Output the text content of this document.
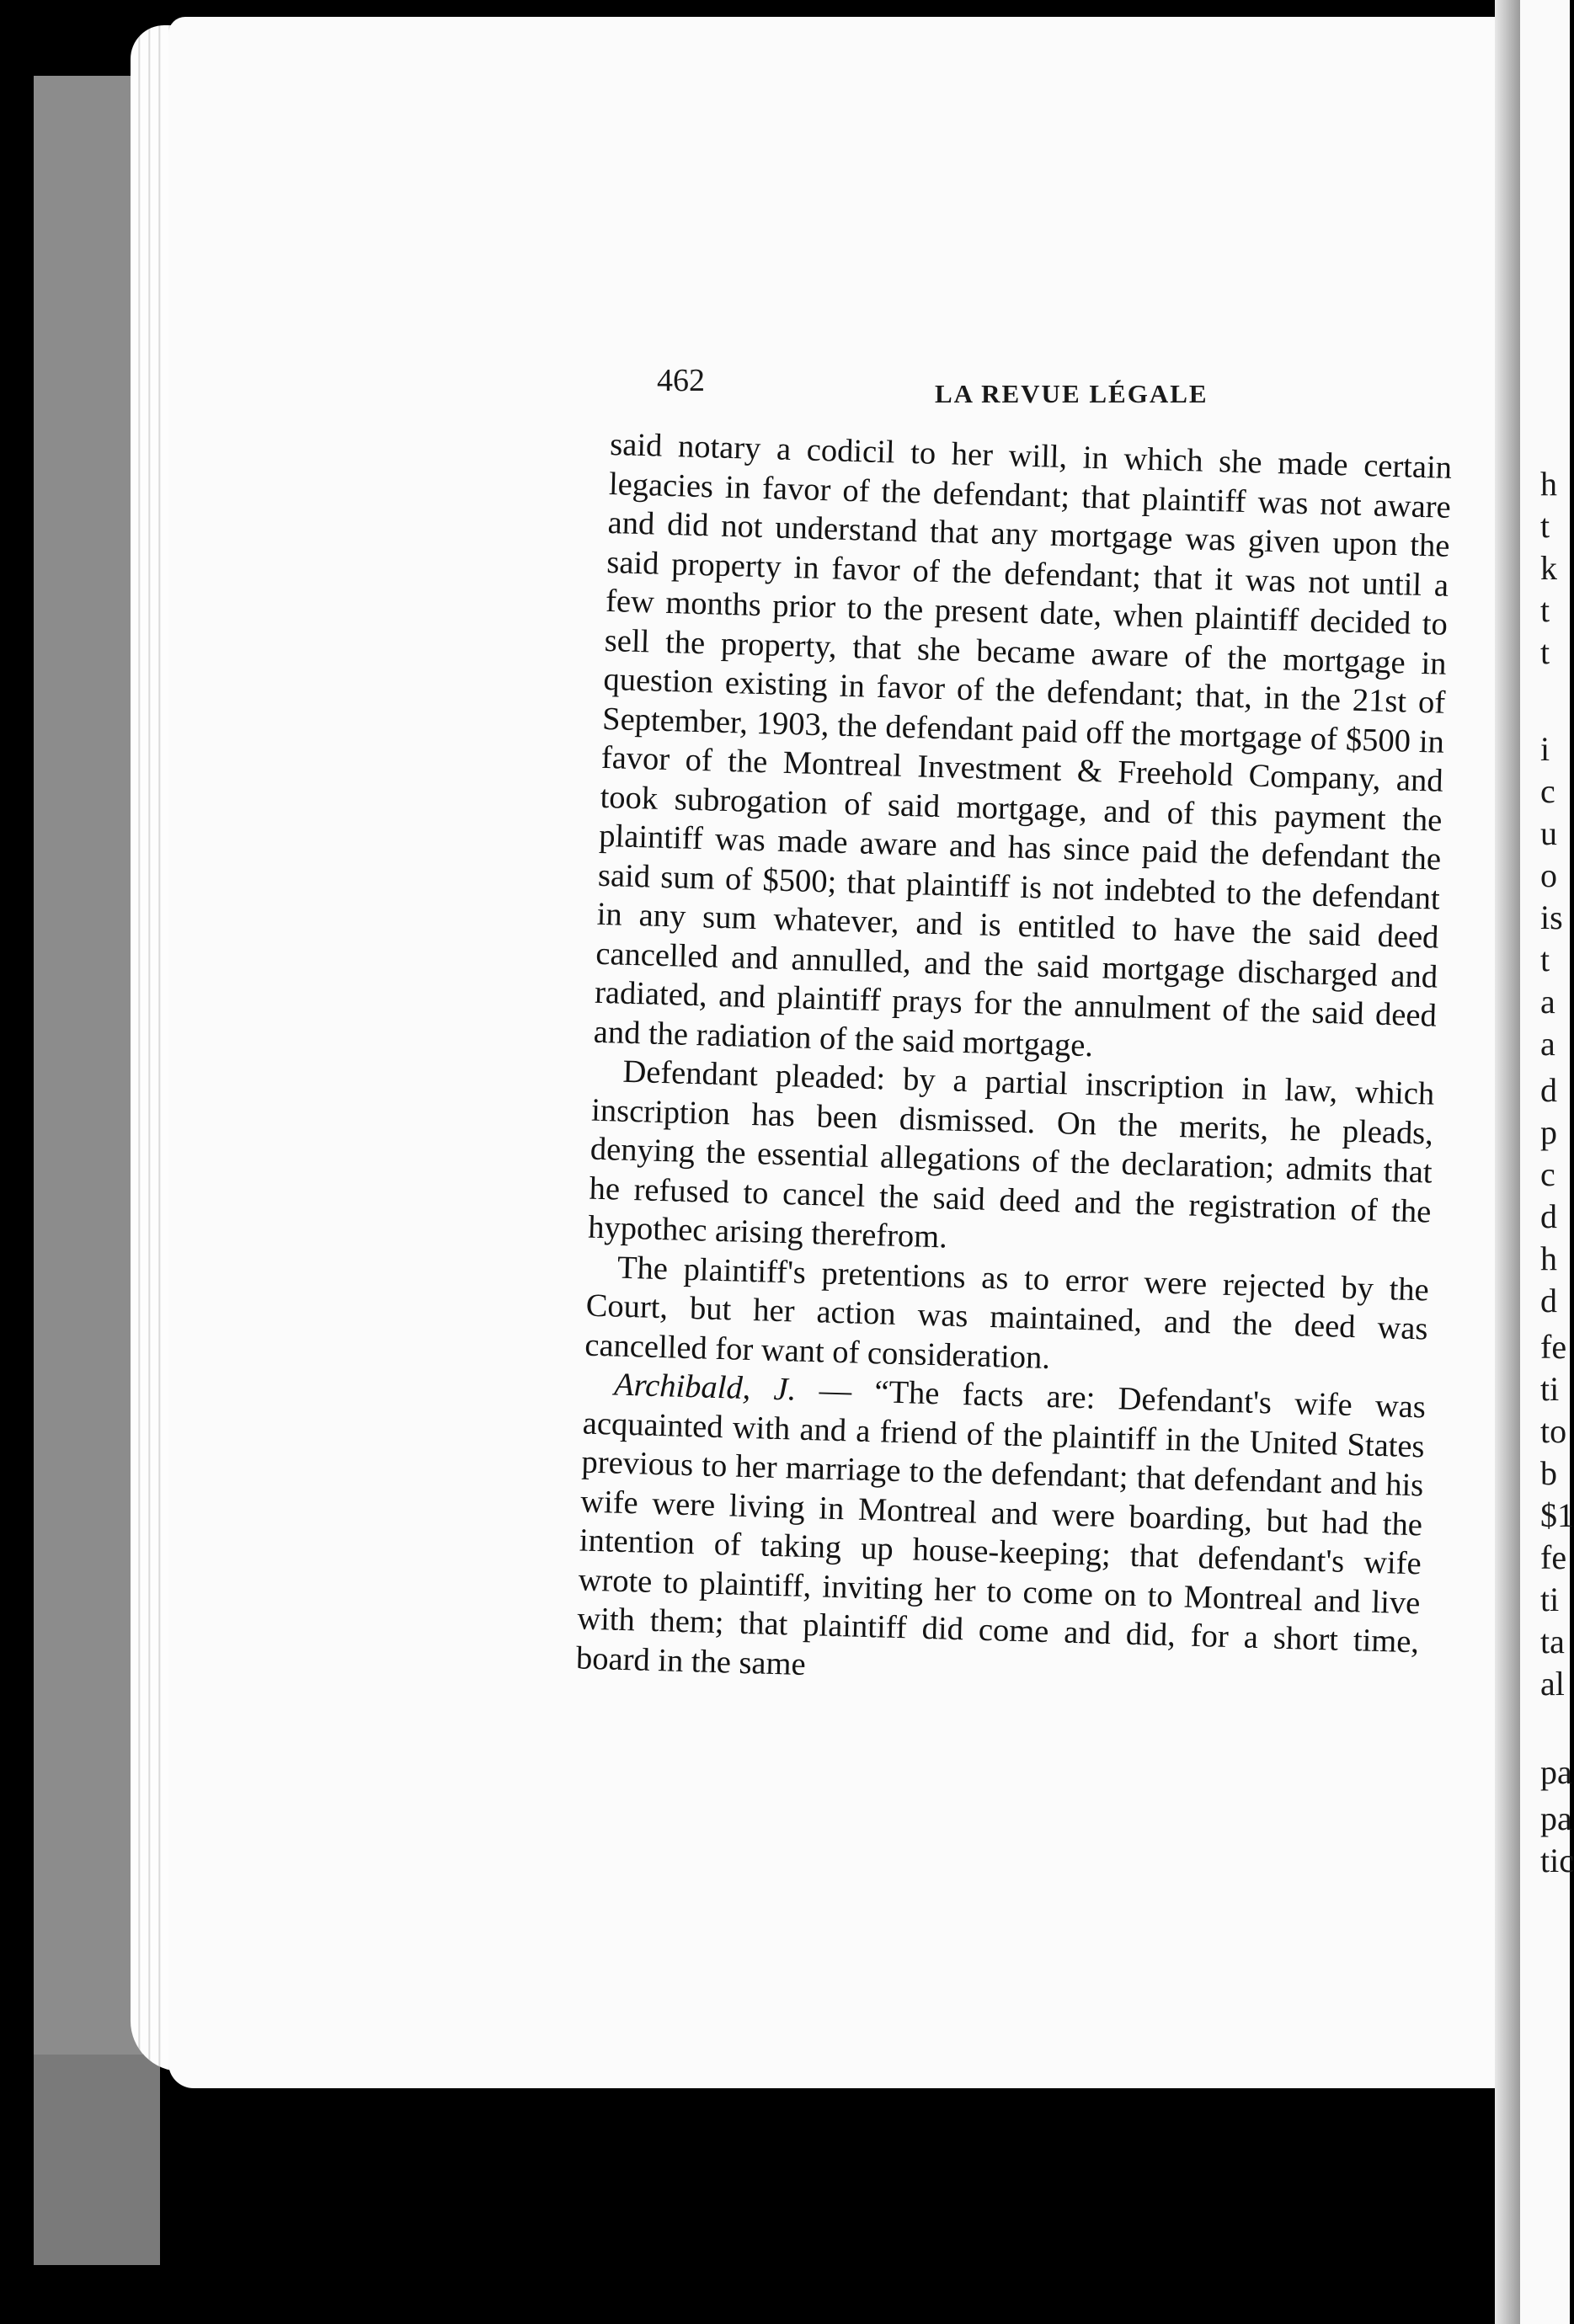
h
t
k
t
t
i
c
u
o
is
t
a
a
d
p
c
d
h
d
fe
ti
to
b
$1
fe
ti
ta
al
pa
pa
tic
462	LA REVUE LÉGALE

said notary a codicil to her will, in which she made certain legacies in favor of the defendant; that plaintiff was not aware and did not understand that any mortgage was given upon the said property in favor of the defendant; that it was not until a few months prior to the present date, when plaintiff decided to sell the property, that she became aware of the mortgage in question existing in favor of the defendant; that, in the 21st of September, 1903, the defendant paid off the mortgage of $500 in favor of the Montreal Investment & Freehold Company, and took subrogation of said mortgage, and of this payment the plaintiff was made aware and has since paid the defendant the said sum of $500; that plaintiff is not indebted to the defendant in any sum whatever, and is entitled to have the said deed cancelled and annulled, and the said mortgage discharged and radiated, and plaintiff prays for the annulment of the said deed and the radiation of the said mortgage.

Defendant pleaded: by a partial inscription in law, which inscription has been dismissed. On the merits, he pleads, denying the essential allegations of the declaration; admits that he refused to cancel the said deed and the registration of the hypothec arising therefrom.

The plaintiff's pretentions as to error were rejected by the Court, but her action was maintained, and the deed was cancelled for want of consideration.

Archibald, J. — “The facts are: Defendant's wife was acquainted with and a friend of the plaintiff in the United States previous to her marriage to the defendant; that defendant and his wife were living in Montreal and were boarding, but had the intention of taking up house-keeping; that defendant's wife wrote to plaintiff, inviting her to come on to Montreal and live with them; that plaintiff did come and did, for a short time, board in the same
